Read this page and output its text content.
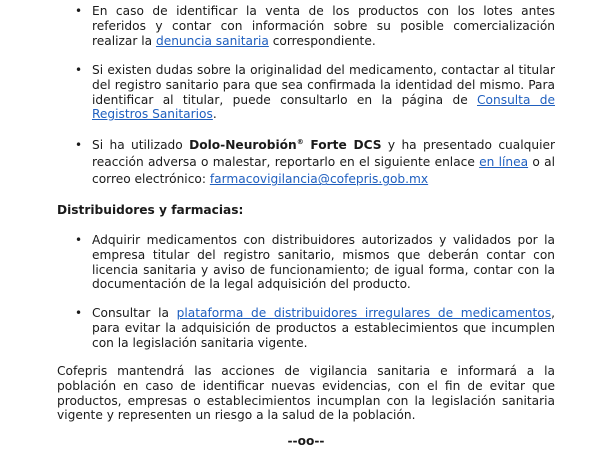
• En caso de identificar la venta de los productos con los lotes antes referidos y contar con información sobre su posible comercialización realizar la denuncia sanitaria correspondiente.
• Si existen dudas sobre la originalidad del medicamento, contactar al titular del registro sanitario para que sea confirmada la identidad del mismo. Para identificar al titular, puede consultarlo en la página de Consulta de Registros Sanitarios.
• Si ha utilizado Dolo-Neurobión® Forte DCS y ha presentado cualquier reacción adversa o malestar, reportarlo en el siguiente enlace en línea o al correo electrónico: farmacovigilancia@cofepris.gob.mx
Distribuidores y farmacias:
• Adquirir medicamentos con distribuidores autorizados y validados por la empresa titular del registro sanitario, mismos que deberán contar con licencia sanitaria y aviso de funcionamiento; de igual forma, contar con la documentación de la legal adquisición del producto.
• Consultar la plataforma de distribuidores irregulares de medicamentos, para evitar la adquisición de productos a establecimientos que incumplen con la legislación sanitaria vigente.

Cofepris mantendrá las acciones de vigilancia sanitaria e informará a la población en caso de identificar nuevas evidencias, con el fin de evitar que productos, empresas o establecimientos incumplan con la legislación sanitaria vigente y representen un riesgo a la salud de la población.

--oo--
